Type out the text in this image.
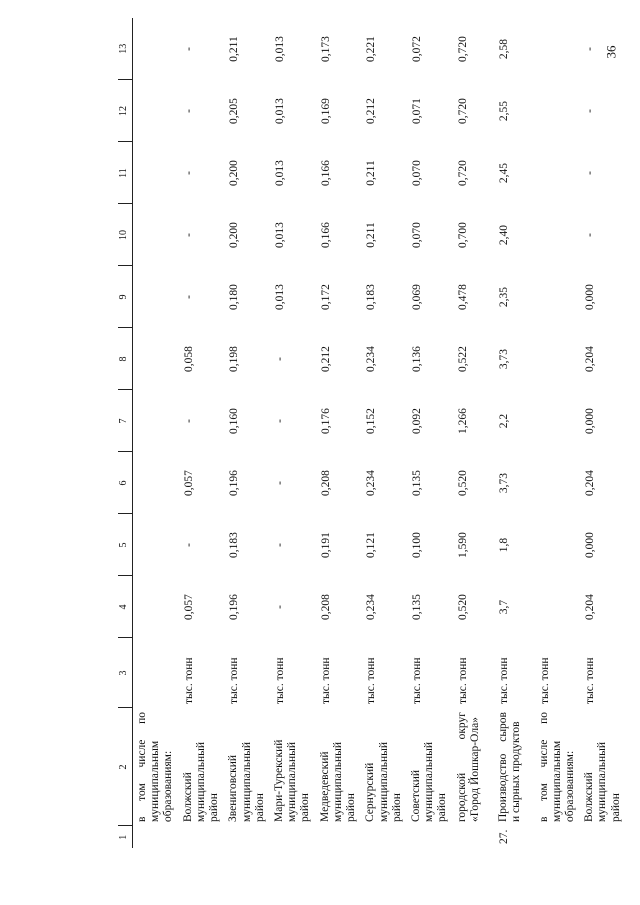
36
1	2	3	4	5	6	7	8	9	10	11	12	13
	в том числе по муниципальным образованиям:											
	Волжский муниципальный район	тыс. тонн	0,057	-	0,057	-	0,058	-	-	-	-	-
	Звениговский муниципальный район	тыс. тонн	0,196	0,183	0,196	0,160	0,198	0,180	0,200	0,200	0,205	0,211
	Мари-Турекский муниципальный район	тыс. тонн	-	-	-	-	-	0,013	0,013	0,013	0,013	0,013
	Медведевский муниципальный район	тыс. тонн	0,208	0,191	0,208	0,176	0,212	0,172	0,166	0,166	0,169	0,173
	Сернурский муниципальный район	тыс. тонн	0,234	0,121	0,234	0,152	0,234	0,183	0,211	0,211	0,212	0,221
	Советский муниципальный район	тыс. тонн	0,135	0,100	0,135	0,092	0,136	0,069	0,070	0,070	0,071	0,072
	городской округ «Город Йошкар-Ола»	тыс. тонн	0,520	1,590	0,520	1,266	0,522	0,478	0,700	0,720	0,720	0,720
27.	Производство сыров и сырных продуктов	тыс. тонн	3,7	1,8	3,73	2,2	3,73	2,35	2,40	2,45	2,55	2,58
	в том числе по муниципальным образованиям:	тыс. тонн										
	Волжский муниципальный район	тыс. тонн	0,204	0,000	0,204	0,000	0,204	0,000	-	-	-	-
